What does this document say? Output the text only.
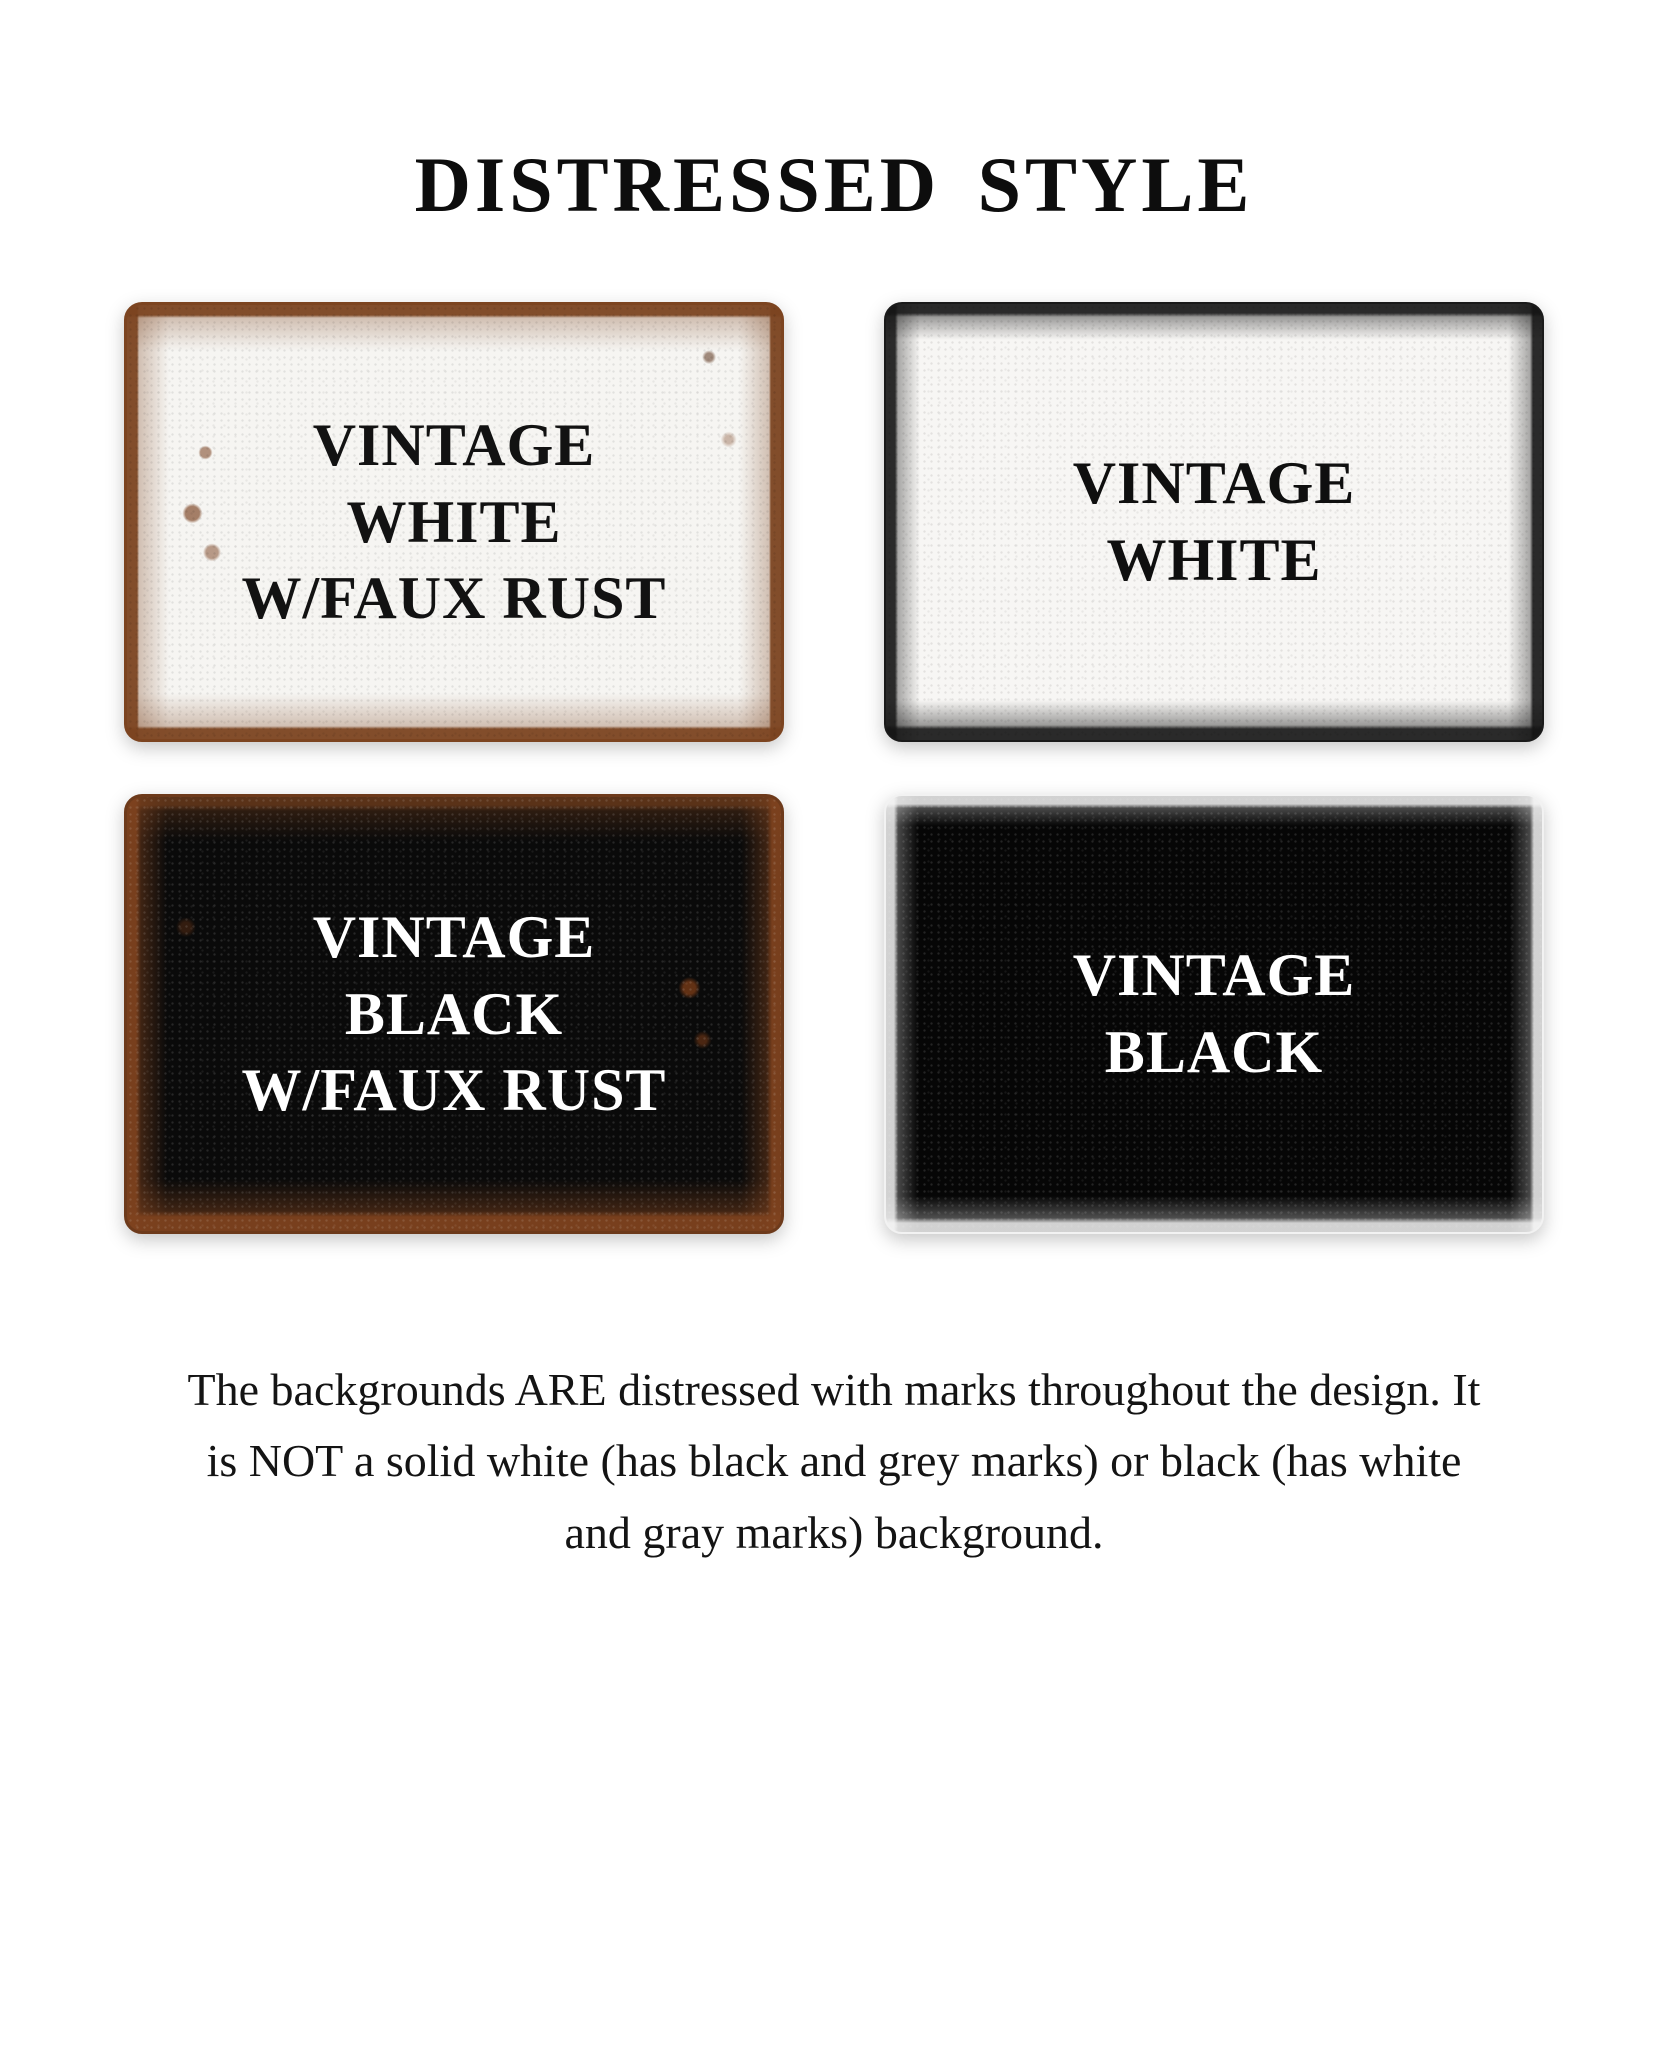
DISTRESSED STYLE
VINTAGE
WHITE
W/FAUX RUST
VINTAGE
WHITE
VINTAGE
BLACK
W/FAUX RUST
VINTAGE
BLACK
The backgrounds ARE distressed with marks throughout the design. It is NOT a solid white (has black and grey marks) or black (has white and gray marks) background.
